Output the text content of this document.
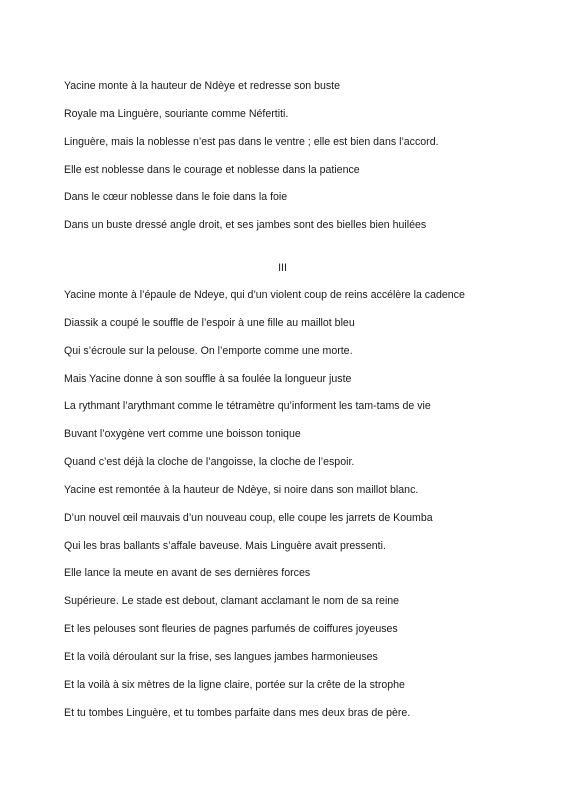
Yacine monte à la hauteur de Ndèye et redresse son buste
Royale ma Linguère, souriante comme Néfertiti.
Linguère, mais la noblesse n’est pas dans le ventre ; elle est bien dans l’accord.
Elle est noblesse dans le courage et noblesse dans la patience
Dans le cœur noblesse dans le foie dans la foie
Dans un buste dressé angle droit, et ses jambes sont des bielles bien huilées
III
Yacine monte à l’épaule de Ndeye, qui d’un violent coup de reins accélère la cadence
Diassik a coupé le souffle de l’espoir à une fille au maillot bleu
Qui s’écroule sur la pelouse. On l’emporte comme une morte.
Mais Yacine donne à son souffle à sa foulée la longueur juste
La rythmant l’arythmant comme le tétramètre qu’informent les tam-tams de vie
Buvant l’oxygène vert comme une boisson tonique
Quand c’est déjà la cloche de l’angoisse, la cloche de l’espoir.
Yacine est remontée à la hauteur de Ndèye, si noire dans son maillot blanc.
D’un nouvel œil mauvais d’un nouveau coup, elle coupe les jarrets de Koumba
Qui les bras ballants s’affale baveuse. Mais Linguère avait pressenti.
Elle lance la meute en avant de ses dernières forces
Supérieure. Le stade est debout, clamant acclamant le nom de sa reine
Et les pelouses sont fleuries de pagnes parfumés de coiffures joyeuses
Et la voilà déroulant sur la frise, ses langues jambes harmonieuses
Et la voilà à six mètres de la ligne claire, portée sur la crête de la strophe
Et tu tombes Linguère, et tu tombes parfaite dans mes deux bras de père.
